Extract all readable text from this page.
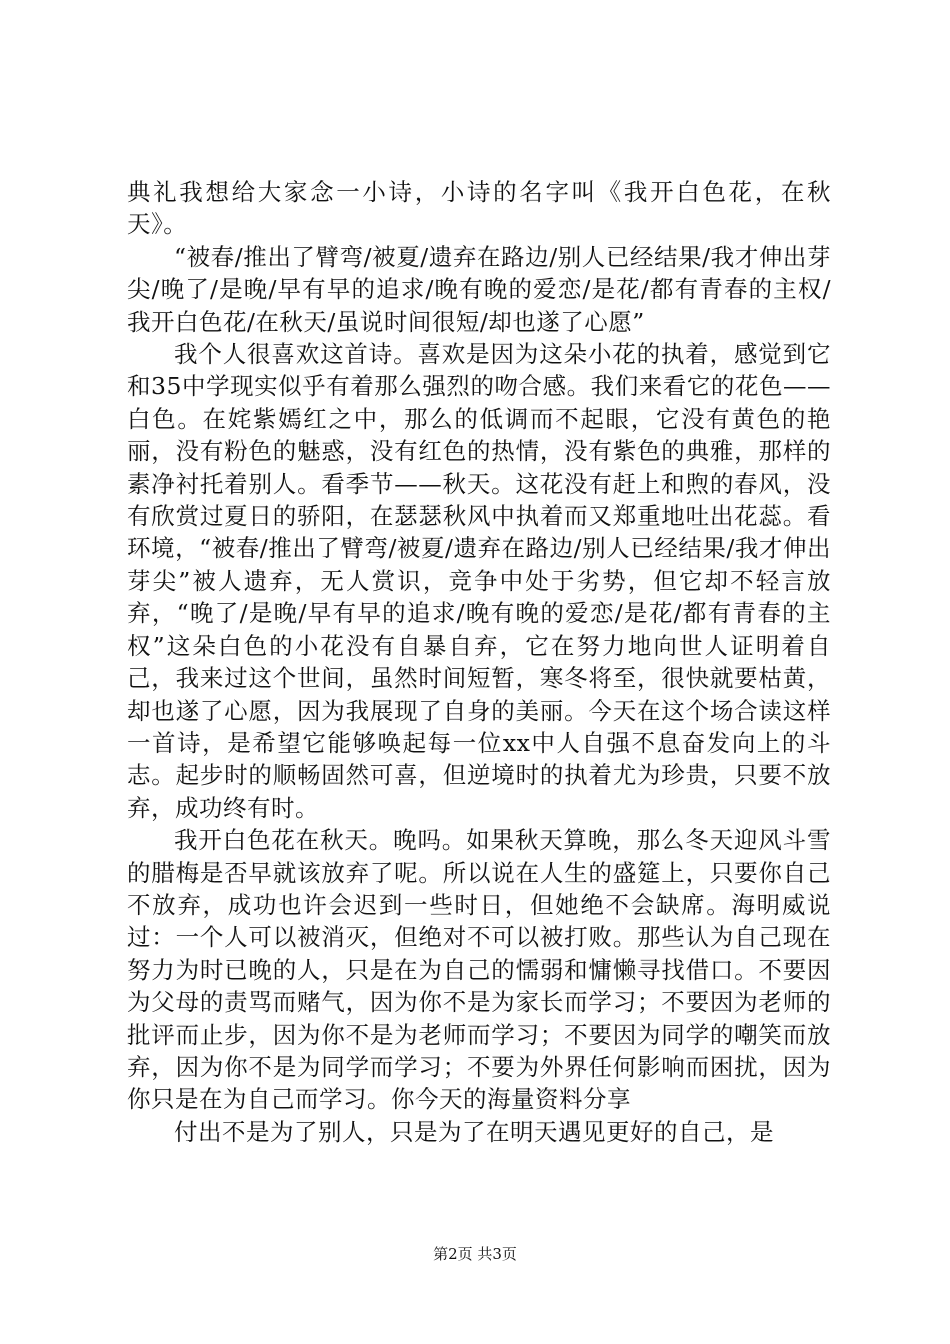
典礼我想给大家念一小诗，小诗的名字叫《我开白色花，在秋天》。

“被春/推出了臂弯/被夏/遗弃在路边/别人已经结果/我才伸出芽尖/晚了/是晚/早有早的追求/晚有晚的爱恋/是花/都有青春的主权/我开白色花/在秋天/虽说时间很短/却也遂了心愿”

我个人很喜欢这首诗。喜欢是因为这朵小花的执着，感觉到它和35中学现实似乎有着那么强烈的吻合感。我们来看它的花色——白色。在姹紫嫣红之中，那么的低调而不起眼，它没有黄色的艳丽，没有粉色的魅惑，没有红色的热情，没有紫色的典雅，那样的素净衬托着别人。看季节——秋天。这花没有赶上和煦的春风，没有欣赏过夏日的骄阳，在瑟瑟秋风中执着而又郑重地吐出花蕊。看环境，“被春/推出了臂弯/被夏/遗弃在路边/别人已经结果/我才伸出芽尖”被人遗弃，无人赏识，竞争中处于劣势，但它却不轻言放弃，“晚了/是晚/早有早的追求/晚有晚的爱恋/是花/都有青春的主权”这朵白色的小花没有自暴自弃，它在努力地向世人证明着自己，我来过这个世间，虽然时间短暂，寒冬将至，很快就要枯黄，却也遂了心愿，因为我展现了自身的美丽。今天在这个场合读这样一首诗，是希望它能够唤起每一位xx中人自强不息奋发向上的斗志。起步时的顺畅固然可喜，但逆境时的执着尤为珍贵，只要不放弃，成功终有时。

我开白色花在秋天。晚吗。如果秋天算晚，那么冬天迎风斗雪的腊梅是否早就该放弃了呢。所以说在人生的盛筵上，只要你自己不放弃，成功也许会迟到一些时日，但她绝不会缺席。海明威说过：一个人可以被消灭，但绝对不可以被打败。那些认为自己现在努力为时已晚的人，只是在为自己的懦弱和慵懒寻找借口。不要因为父母的责骂而赌气，因为你不是为家长而学习；不要因为老师的批评而止步，因为你不是为老师而学习；不要因为同学的嘲笑而放弃，因为你不是为同学而学习；不要为外界任何影响而困扰，因为你只是在为自己而学习。你今天的海量资料分享

付出不是为了别人，只是为了在明天遇见更好的自己，是

第2页 共3页
